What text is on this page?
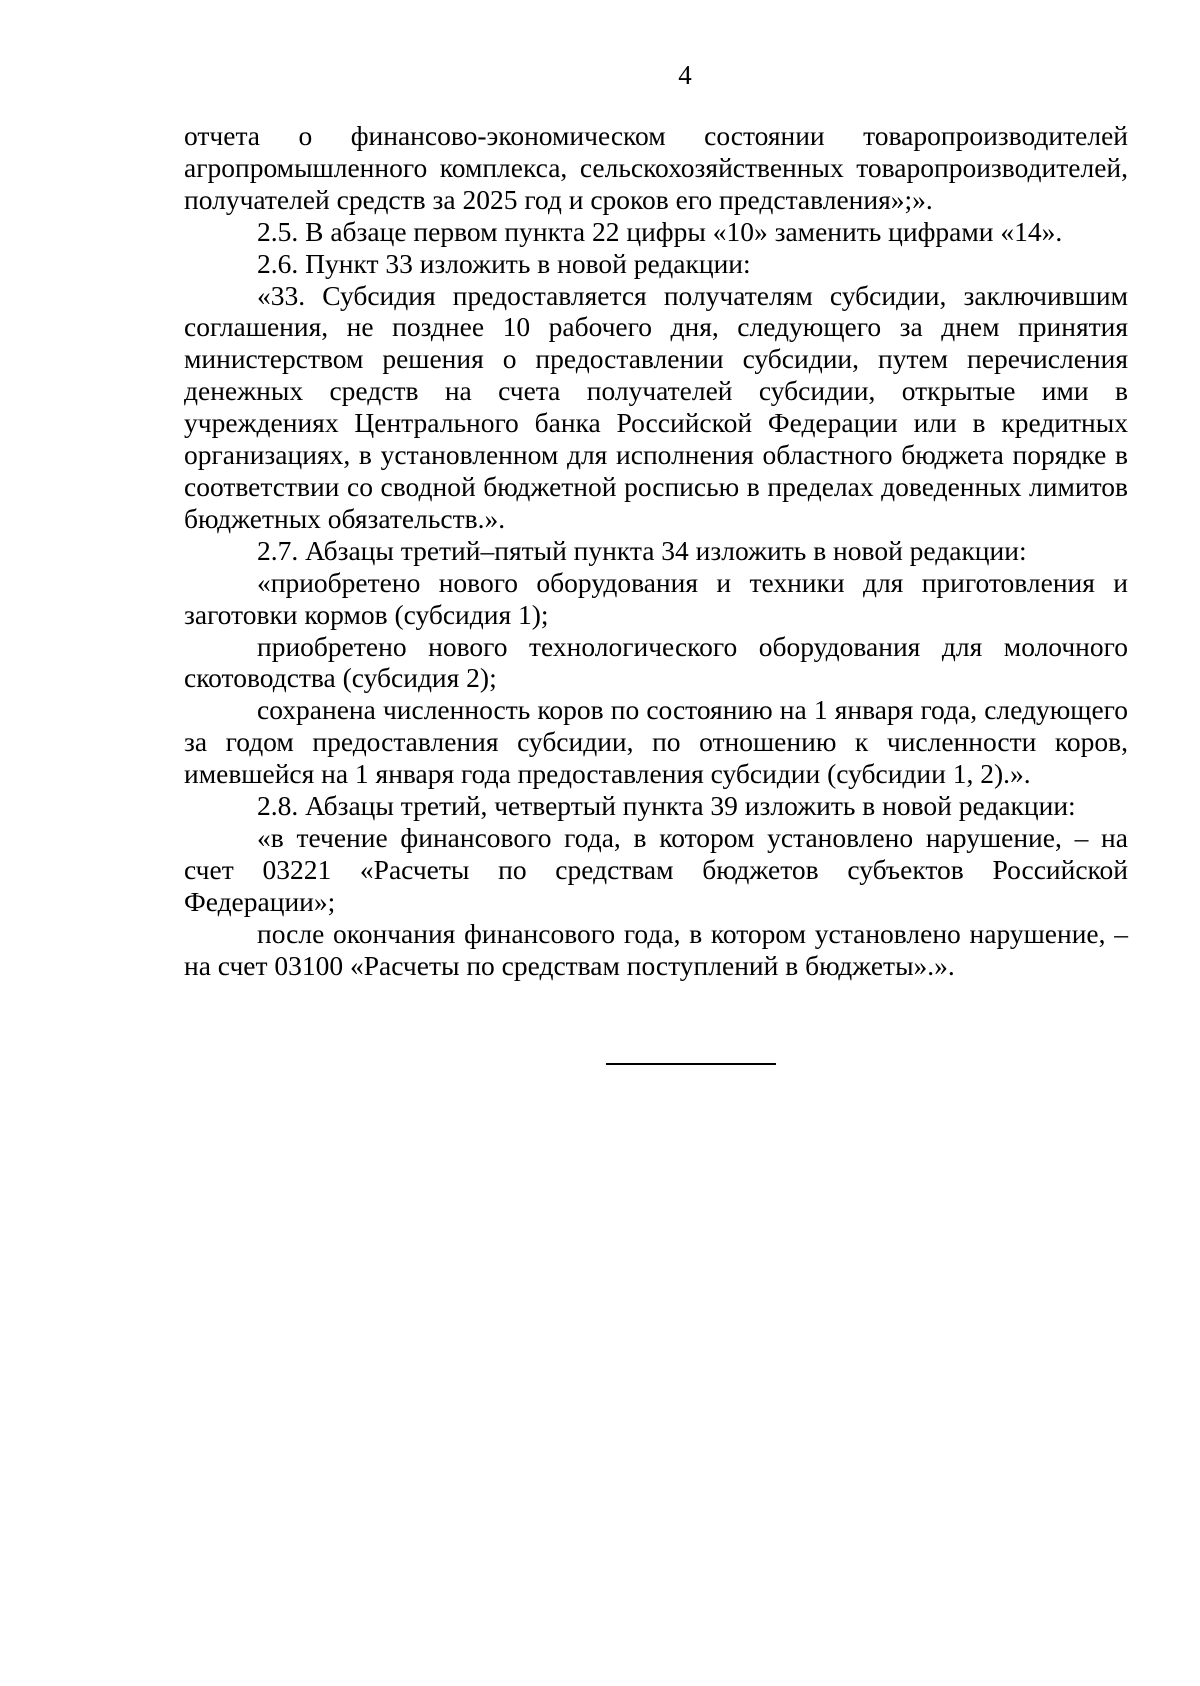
4

отчета о финансово-экономическом состоянии товаропроизводителей агропромышленного комплекса, сельскохозяйственных товаропроизводителей, получателей средств за 2025 год и сроков его представления»;».

2.5. В абзаце первом пункта 22 цифры «10» заменить цифрами «14».

2.6. Пункт 33 изложить в новой редакции:

«33. Субсидия предоставляется получателям субсидии, заключившим соглашения, не позднее 10 рабочего дня, следующего за днем принятия министерством решения о предоставлении субсидии, путем перечисления денежных средств на счета получателей субсидии, открытые ими в учреждениях Центрального банка Российской Федерации или в кредитных организациях, в установленном для исполнения областного бюджета порядке в соответствии со сводной бюджетной росписью в пределах доведенных лимитов бюджетных обязательств.».

2.7. Абзацы третий–пятый пункта 34 изложить в новой редакции:

«приобретено нового оборудования и техники для приготовления и заготовки кормов (субсидия 1);

приобретено нового технологического оборудования для молочного скотоводства (субсидия 2);

сохранена численность коров по состоянию на 1 января года, следующего за годом предоставления субсидии, по отношению к численности коров, имевшейся на 1 января года предоставления субсидии (субсидии 1, 2).».

2.8. Абзацы третий, четвертый пункта 39 изложить в новой редакции:

«в течение финансового года, в котором установлено нарушение, – на счет 03221 «Расчеты по средствам бюджетов субъектов Российской Федерации»;

после окончания финансового года, в котором установлено нарушение, – на счет 03100 «Расчеты по средствам поступлений в бюджеты».».
